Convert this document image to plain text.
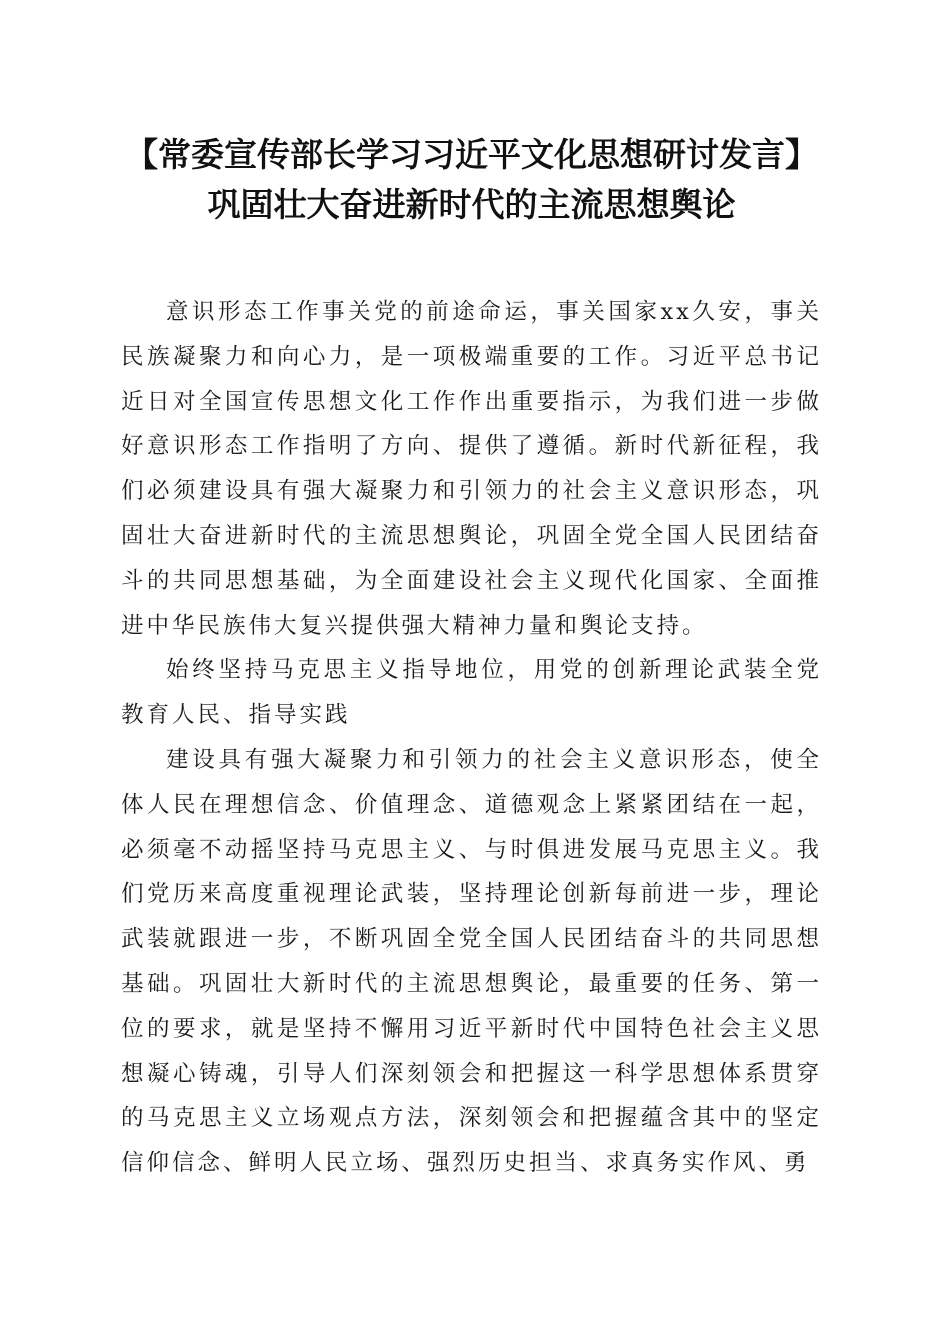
【常委宣传部长学习习近平文化思想研讨发言】巩固壮大奋进新时代的主流思想舆论

意识形态工作事关党的前途命运，事关国家xx久安，事关民族凝聚力和向心力，是一项极端重要的工作。习近平总书记近日对全国宣传思想文化工作作出重要指示，为我们进一步做好意识形态工作指明了方向、提供了遵循。新时代新征程，我们必须建设具有强大凝聚力和引领力的社会主义意识形态，巩固壮大奋进新时代的主流思想舆论，巩固全党全国人民团结奋斗的共同思想基础，为全面建设社会主义现代化国家、全面推进中华民族伟大复兴提供强大精神力量和舆论支持。

始终坚持马克思主义指导地位，用党的创新理论武装全党教育人民、指导实践

建设具有强大凝聚力和引领力的社会主义意识形态，使全体人民在理想信念、价值理念、道德观念上紧紧团结在一起，必须毫不动摇坚持马克思主义、与时俱进发展马克思主义。我们党历来高度重视理论武装，坚持理论创新每前进一步，理论武装就跟进一步，不断巩固全党全国人民团结奋斗的共同思想基础。巩固壮大新时代的主流思想舆论，最重要的任务、第一位的要求，就是坚持不懈用习近平新时代中国特色社会主义思想凝心铸魂，引导人们深刻领会和把握这一科学思想体系贯穿的马克思主义立场观点方法，深刻领会和把握蕴含其中的坚定信仰信念、鲜明人民立场、强烈历史担当、求真务实作风、勇
